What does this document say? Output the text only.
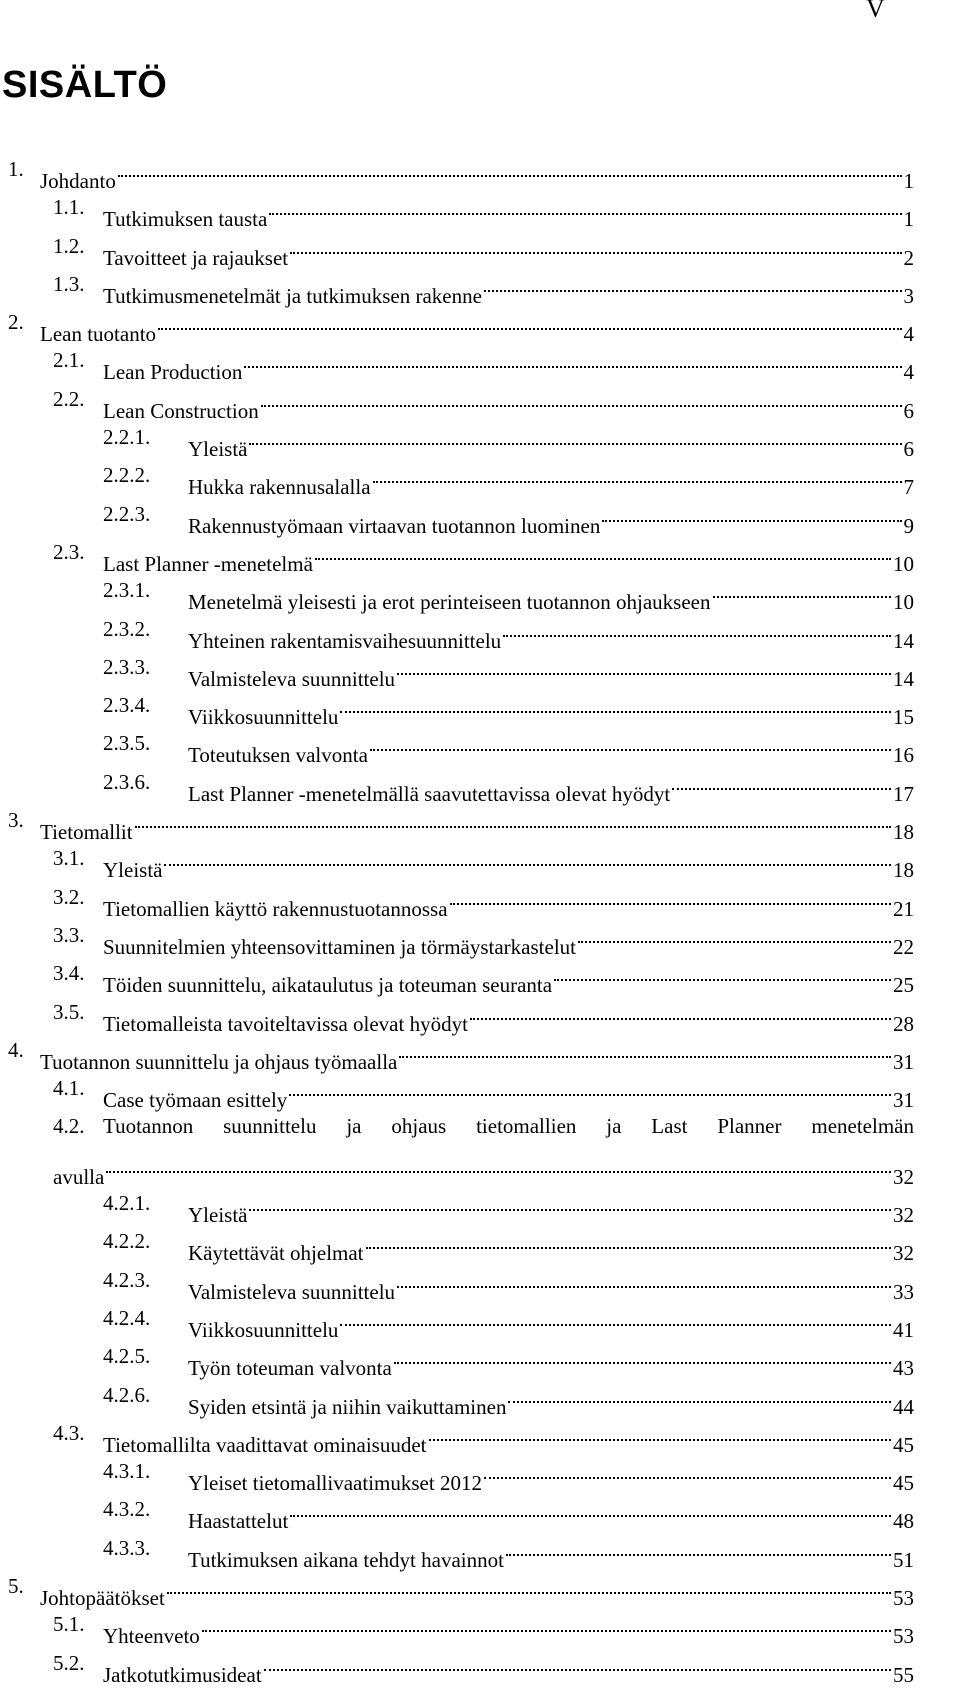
V
SISÄLTÖ
1. Johdanto	1
1.1. Tutkimuksen tausta	1
1.2. Tavoitteet ja rajaukset	2
1.3. Tutkimusmenetelmät ja tutkimuksen rakenne	3
2. Lean tuotanto	4
2.1. Lean Production	4
2.2. Lean Construction	6
2.2.1. Yleistä	6
2.2.2. Hukka rakennusalalla	7
2.2.3. Rakennustyömaan virtaavan tuotannon luominen	9
2.3. Last Planner -menetelmä	10
2.3.1. Menetelmä yleisesti ja erot perinteiseen tuotannon ohjaukseen	10
2.3.2. Yhteinen rakentamisvaihesuunnittelu	14
2.3.3. Valmisteleva suunnittelu	14
2.3.4. Viikkosuunnittelu	15
2.3.5. Toteutuksen valvonta	16
2.3.6. Last Planner -menetelmällä saavutettavissa olevat hyödyt	17
3. Tietomallit	18
3.1. Yleistä	18
3.2. Tietomallien käyttö rakennustuotannossa	21
3.3. Suunnitelmien yhteensovittaminen ja törmäystarkastelut	22
3.4. Töiden suunnittelu, aikataulutus ja toteuman seuranta	25
3.5. Tietomalleista tavoiteltavissa olevat hyödyt	28
4. Tuotannon suunnittelu ja ohjaus työmaalla	31
4.1. Case työmaan esittely	31
4.2. Tuotannon suunnittelu ja ohjaus tietomallien ja Last Planner menetelmän
avulla	32
4.2.1. Yleistä	32
4.2.2. Käytettävät ohjelmat	32
4.2.3. Valmisteleva suunnittelu	33
4.2.4. Viikkosuunnittelu	41
4.2.5. Työn toteuman valvonta	43
4.2.6. Syiden etsintä ja niihin vaikuttaminen	44
4.3. Tietomallilta vaadittavat ominaisuudet	45
4.3.1. Yleiset tietomallivaatimukset 2012	45
4.3.2. Haastattelut	48
4.3.3. Tutkimuksen aikana tehdyt havainnot	51
5. Johtopäätökset	53
5.1. Yhteenveto	53
5.2. Jatkotutkimusideat	55
